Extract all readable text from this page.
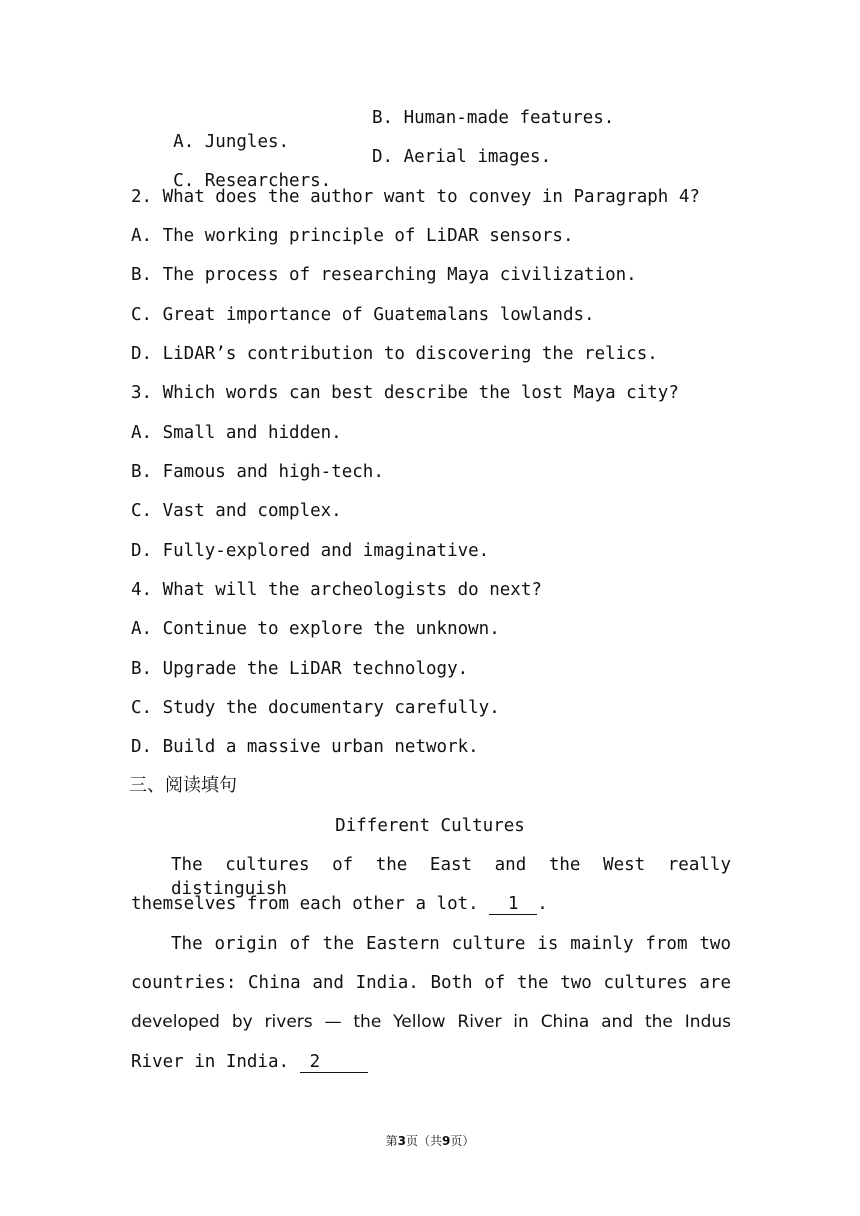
A. Jungles.

B. Human-made features.

C. Researchers.

D. Aerial images.
2. What does the author want to convey in Paragraph 4?
A. The working principle of LiDAR sensors.
B. The process of researching Maya civilization.
C. Great importance of Guatemalans lowlands.
D. LiDAR’s contribution to discovering the relics.
3. Which words can best describe the lost Maya city?
A. Small and hidden.
B. Famous and high-tech.
C. Vast and complex.
D. Fully-explored and imaginative.
4. What will the archeologists do next?
A. Continue to explore the unknown.
B. Upgrade the LiDAR technology.
C. Study the documentary carefully.
D. Build a massive urban network.
三、阅读填句
Different Cultures
The cultures of the East and the West really distinguish
themselves from each other a lot. 1 .
The origin of the Eastern culture is mainly from two
countries: China and India. Both of the two cultures are
developed by rivers — the Yellow River in China and the Indus
River in India. 2
第3页（共9页）
